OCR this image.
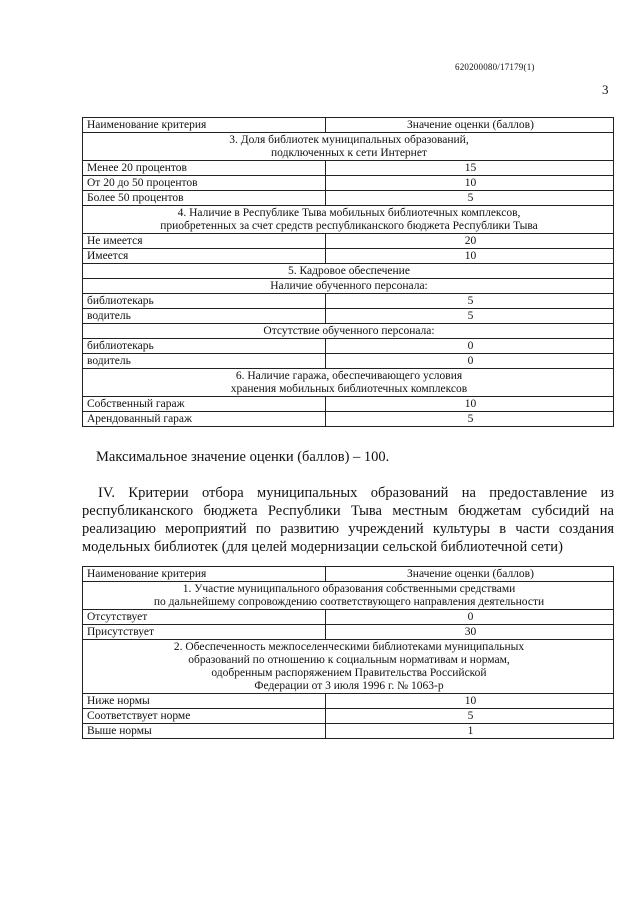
620200080/17179(1)
3
Наименование критерия	Значение оценки (баллов)

3. Доля библиотек муниципальных образований,
подключенных к сети Интернет	

Менее 20 процентов	15
От 20 до 50 процентов	10
Более 50 процентов	5

4. Наличие в Республике Тыва мобильных библиотечных комплексов,
приобретенных за счет средств республиканского бюджета Республики Тыва	

Не имеется	20
Имеется	10
5. Кадровое обеспечение	
Наличие обученного персонала:	
библиотекарь	5
водитель	5
Отсутствие обученного персонала:	
библиотекарь	0
водитель	0

6. Наличие гаража, обеспечивающего условия
хранения мобильных библиотечных комплексов	

Собственный гараж	10
Арендованный гараж	5
Максимальное значение оценки (баллов) – 100.

IV. Критерии отбора муниципальных образований на предоставление из республиканского бюджета Республики Тыва местным бюджетам субсидий на реализацию мероприятий по развитию учреждений культуры в части создания модельных библиотек (для целей модернизации сельской библиотечной сети)

Наименование критерия	Значение оценки (баллов)

1. Участие муниципального образования собственными средствами
по дальнейшему сопровождению соответствующего направления деятельности	

Отсутствует	0
Присутствует	30

2. Обеспеченность межпоселенческими библиотеками муниципальных
образований по отношению к социальным нормативам и нормам,
одобренным распоряжением Правительства Российской
Федерации от 3 июля 1996 г. № 1063-р	

Ниже нормы	10
Соответствует норме	5
Выше нормы	1
